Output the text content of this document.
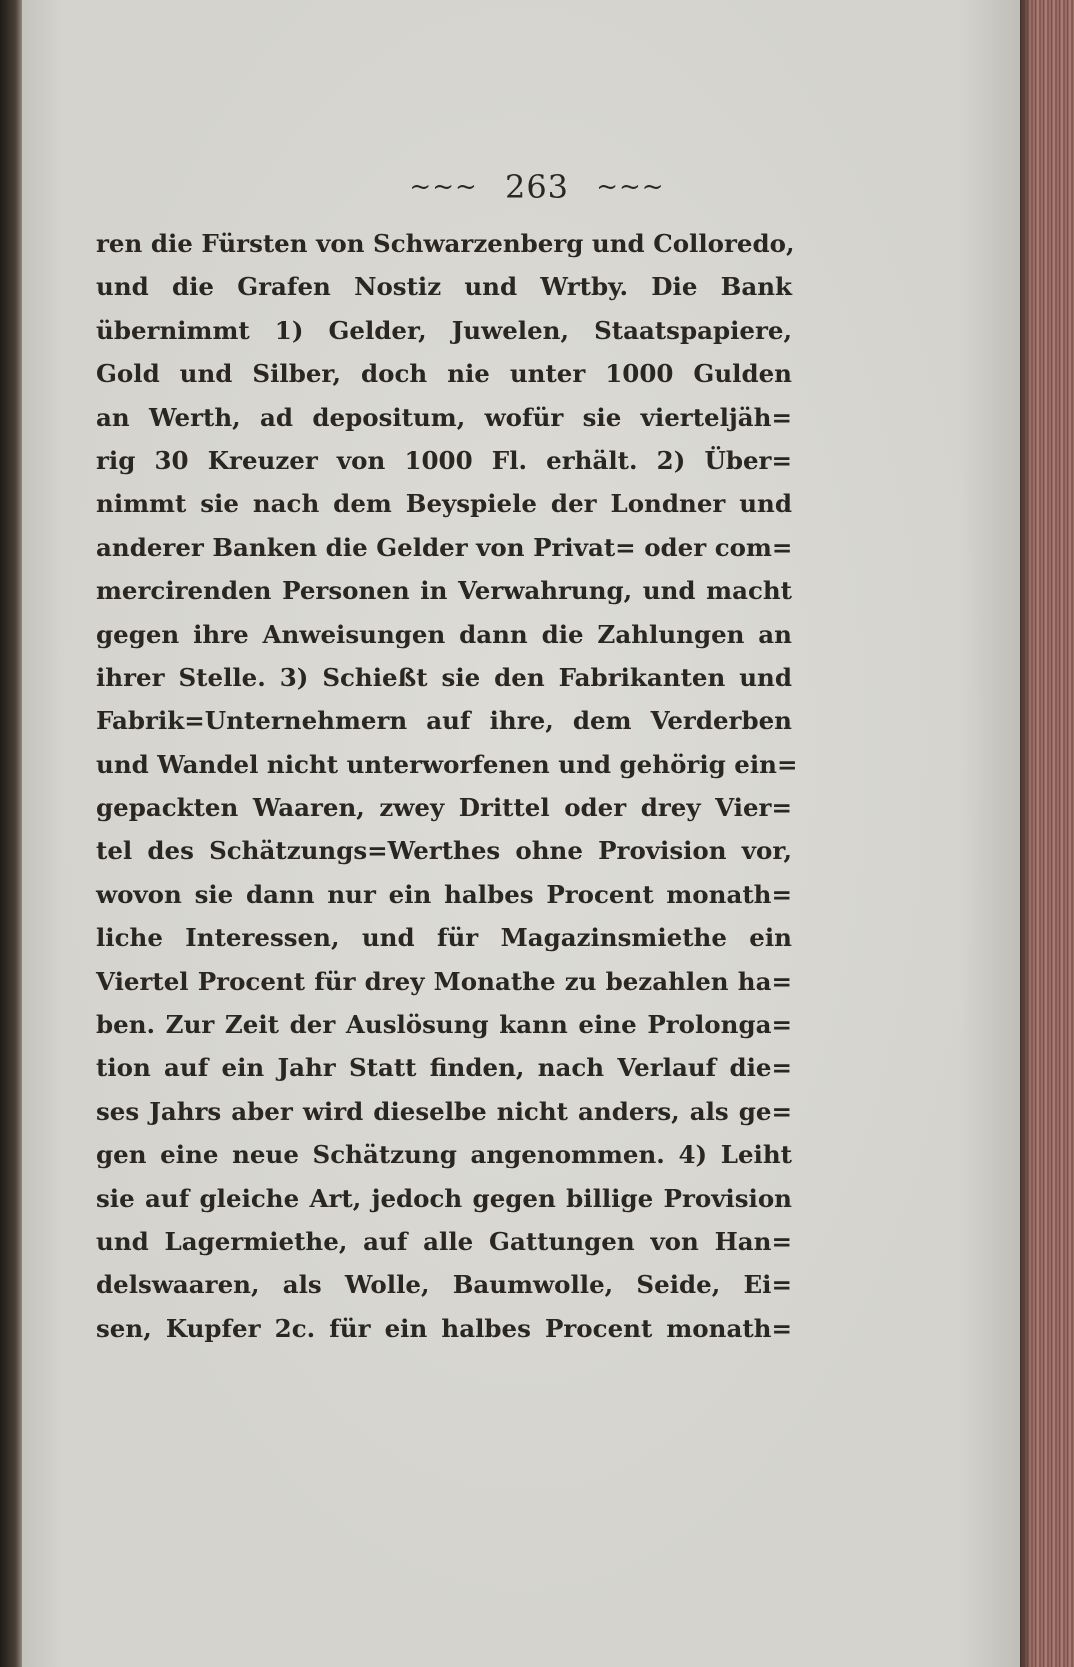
~~~ 263 ~~~
ren die Fürsten von Schwarzenberg und Colloredo,
und die Grafen Nostiz und Wrtby. Die Bank
übernimmt 1) Gelder, Juwelen, Staatspapiere,
Gold und Silber, doch nie unter 1000 Gulden
an Werth, ad depositum, wofür sie vierteljäh=
rig 30 Kreuzer von 1000 Fl. erhält. 2) Über=
nimmt sie nach dem Beyspiele der Londner und
anderer Banken die Gelder von Privat= oder com=
mercirenden Personen in Verwahrung, und macht
gegen ihre Anweisungen dann die Zahlungen an
ihrer Stelle. 3) Schießt sie den Fabrikanten und
Fabrik=Unternehmern auf ihre, dem Verderben
und Wandel nicht unterworfenen und gehörig ein=
gepackten Waaren, zwey Drittel oder drey Vier=
tel des Schätzungs=Werthes ohne Provision vor,
wovon sie dann nur ein halbes Procent monath=
liche Interessen, und für Magazinsmiethe ein
Viertel Procent für drey Monathe zu bezahlen ha=
ben. Zur Zeit der Auslösung kann eine Prolonga=
tion auf ein Jahr Statt finden, nach Verlauf die=
ses Jahrs aber wird dieselbe nicht anders, als ge=
gen eine neue Schätzung angenommen. 4) Leiht
sie auf gleiche Art, jedoch gegen billige Provision
und Lagermiethe, auf alle Gattungen von Han=
delswaaren, als Wolle, Baumwolle, Seide, Ei=
sen, Kupfer 2c. für ein halbes Procent monath=
